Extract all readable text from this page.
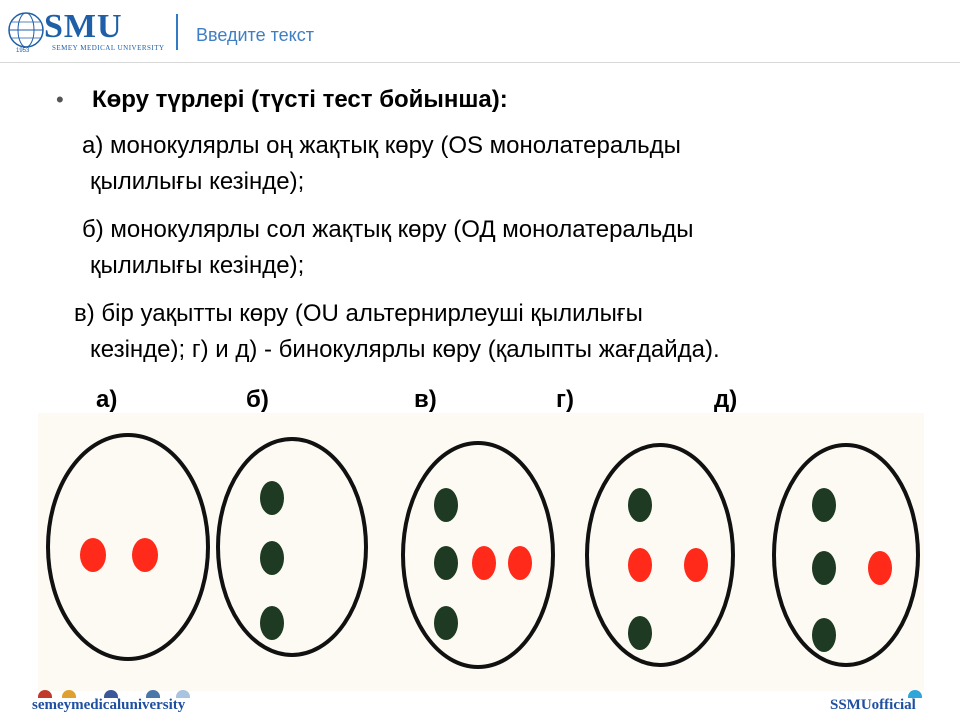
SMU
SEMEY MEDICAL UNIVERSITY
1953
Введите текст
• Көру түрлері (түсті тест бойынша):
а) монокулярлы оң жақтық көру (OS монолатеральды
қылилығы кезінде);
б) монокулярлы сол жақтық көру (ОД монолатеральды
қылилығы кезінде);
в) бір уақытты көру (OU альтернирлеуші қылилығы
кезінде); г) и д) - бинокулярлы көру (қалыпты жағдайда).
а)	б)	в)	г)	д)
semeymedicaluniversity	SSMUofficial
